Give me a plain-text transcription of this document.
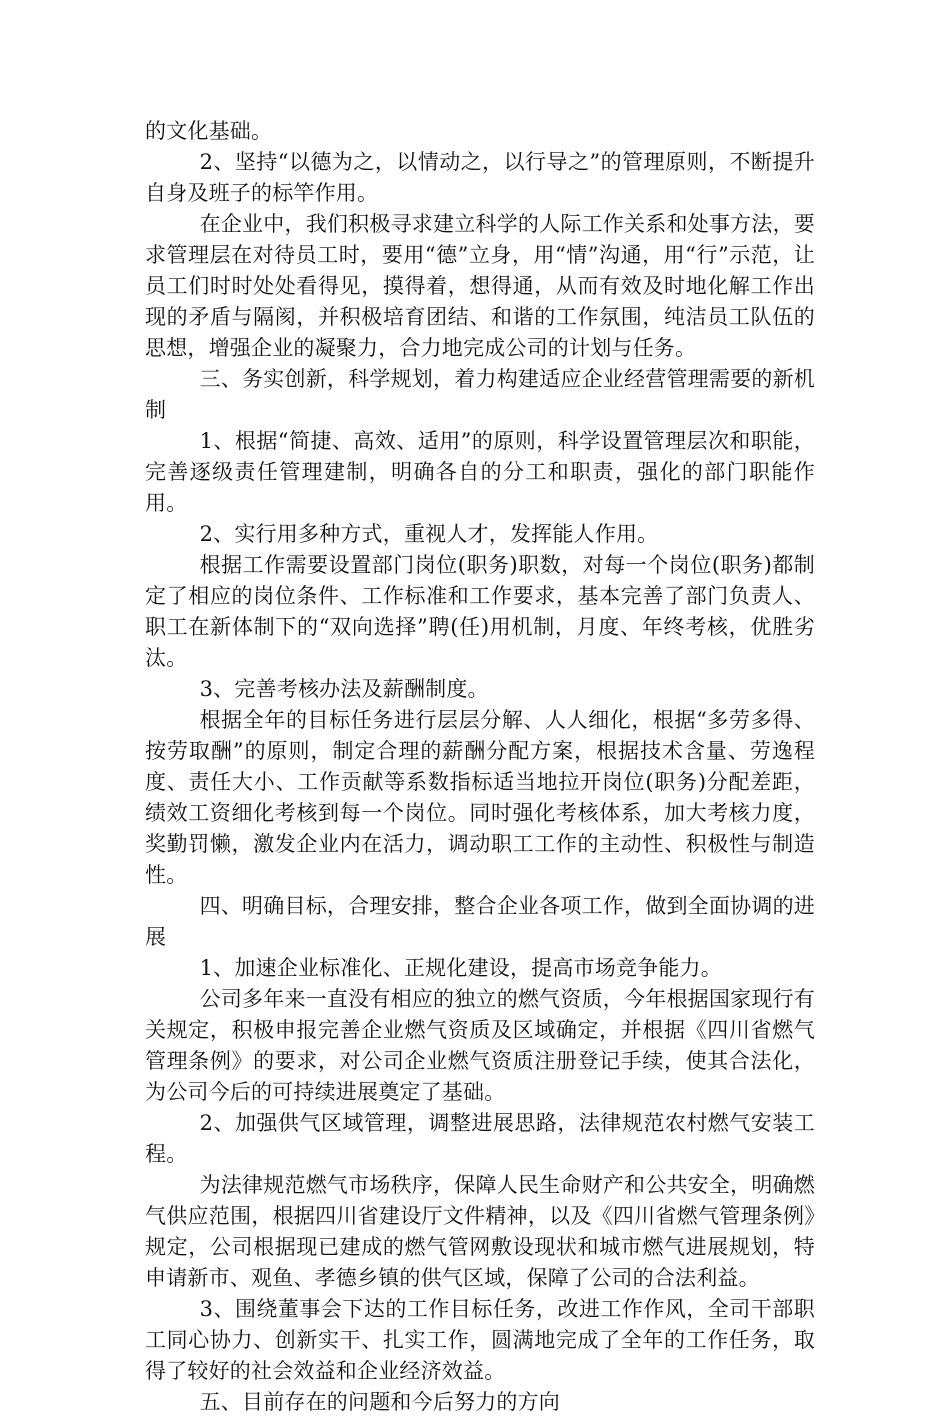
的文化基础。

2、坚持“以德为之，以情动之，以行导之”的管理原则，不断提升自身及班子的标竿作用。

在企业中，我们积极寻求建立科学的人际工作关系和处事方法，要求管理层在对待员工时，要用“德”立身，用“情”沟通，用“行”示范，让员工们时时处处看得见，摸得着，想得通，从而有效及时地化解工作出现的矛盾与隔阂，并积极培育团结、和谐的工作氛围，纯洁员工队伍的思想，增强企业的凝聚力，合力地完成公司的计划与任务。

三、务实创新，科学规划，着力构建适应企业经营管理需要的新机制

1、根据“简捷、高效、适用”的原则，科学设置管理层次和职能，完善逐级责任管理建制，明确各自的分工和职责，强化的部门职能作用。

2、实行用多种方式，重视人才，发挥能人作用。

根据工作需要设置部门岗位(职务)职数，对每一个岗位(职务)都制定了相应的岗位条件、工作标准和工作要求，基本完善了部门负责人、职工在新体制下的“双向选择”聘(任)用机制，月度、年终考核，优胜劣汰。

3、完善考核办法及薪酬制度。

根据全年的目标任务进行层层分解、人人细化，根据“多劳多得、按劳取酬”的原则，制定合理的薪酬分配方案，根据技术含量、劳逸程度、责任大小、工作贡献等系数指标适当地拉开岗位(职务)分配差距，绩效工资细化考核到每一个岗位。同时强化考核体系，加大考核力度，奖勤罚懒，激发企业内在活力，调动职工工作的主动性、积极性与制造性。

四、明确目标，合理安排，整合企业各项工作，做到全面协调的进展

1、加速企业标准化、正规化建设，提高市场竞争能力。

公司多年来一直没有相应的独立的燃气资质，今年根据国家现行有关规定，积极申报完善企业燃气资质及区域确定，并根据《四川省燃气管理条例》的要求，对公司企业燃气资质注册登记手续，使其合法化，为公司今后的可持续进展奠定了基础。

2、加强供气区域管理，调整进展思路，法律规范农村燃气安装工程。

为法律规范燃气市场秩序，保障人民生命财产和公共安全，明确燃气供应范围，根据四川省建设厅文件精神，以及《四川省燃气管理条例》规定，公司根据现已建成的燃气管网敷设现状和城市燃气进展规划，特申请新市、观鱼、孝德乡镇的供气区域，保障了公司的合法利益。

3、围绕董事会下达的工作目标任务，改进工作作风，全司干部职工同心协力、创新实干、扎实工作，圆满地完成了全年的工作任务，取得了较好的社会效益和企业经济效益。

五、目前存在的问题和今后努力的方向
